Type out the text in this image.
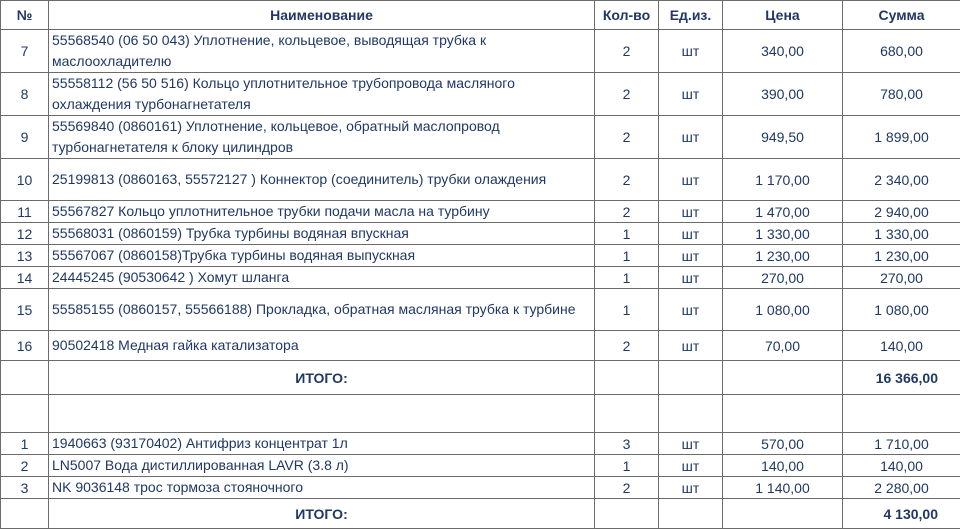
№	Наименование	Кол-во	Ед.из.	Цена	Сумма
7	55568540 (06 50 043) Уплотнение, кольцевое, выводящая трубка к маслоохладителю	2	шт	340,00	680,00
8	55558112 (56 50 516) Кольцо уплотнительное трубопровода масляного охлаждения турбонагнетателя	2	шт	390,00	780,00
9	55569840 (0860161) Уплотнение, кольцевое, обратный маслопровод турбонагнетателя к блоку цилиндров	2	шт	949,50	1 899,00
10	25199813 (0860163, 55572127 ) Коннектор (соединитель) трубки олаждения	2	шт	1 170,00	2 340,00
11	55567827 Кольцо уплотнительное трубки подачи масла на турбину	2	шт	1 470,00	2 940,00
12	55568031 (0860159) Трубка турбины водяная впускная	1	шт	1 330,00	1 330,00
13	55567067 (0860158)Трубка турбины водяная выпускная	1	шт	1 230,00	1 230,00
14	24445245 (90530642 ) Хомут шланга	1	шт	270,00	270,00
15	55585155 (0860157, 55566188) Прокладка, обратная масляная трубка к турбине	1	шт	1 080,00	1 080,00
16	90502418 Медная гайка катализатора	2	шт	70,00	140,00
	ИТОГО:				16 366,00

1	1940663 (93170402) Антифриз концентрат 1л	3	шт	570,00	1 710,00
2	LN5007 Вода дистиллированная LAVR (3.8 л)	1	шт	140,00	140,00
3	NK 9036148 трос тормоза стояночного	2	шт	1 140,00	2 280,00
	ИТОГО:				4 130,00
